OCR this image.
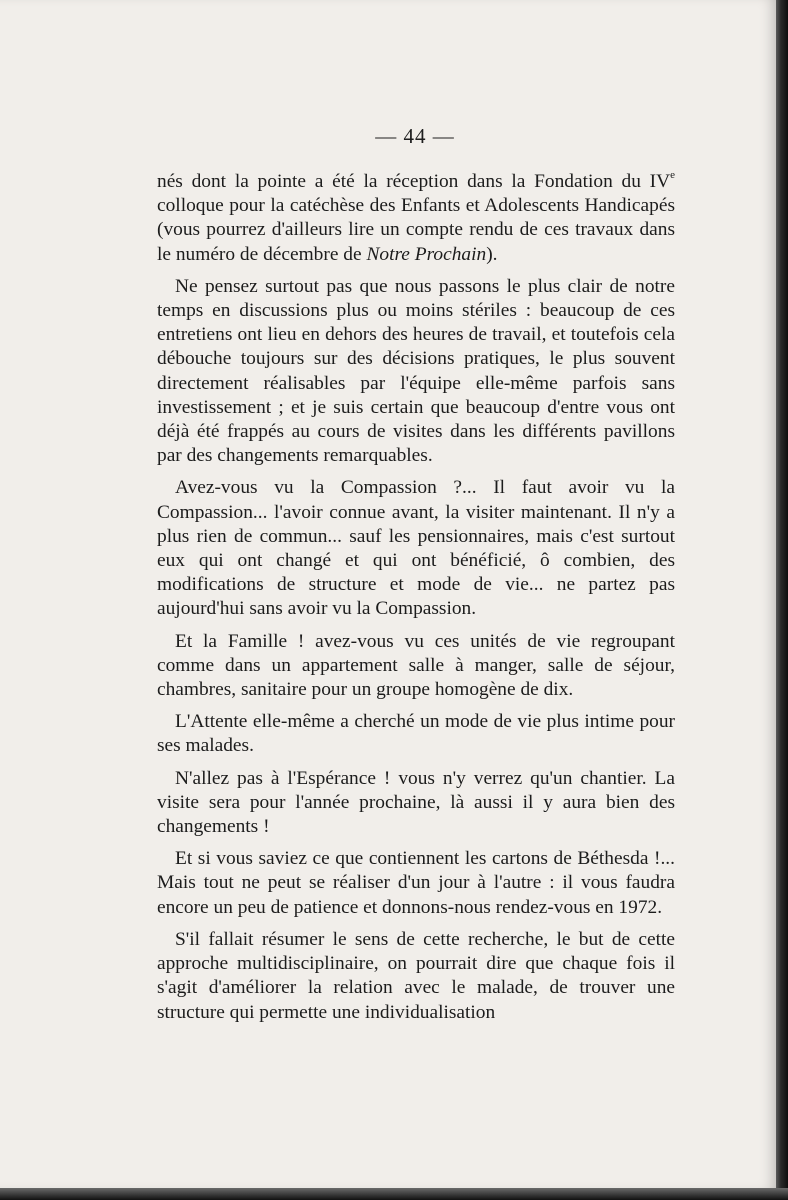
— 44 —

nés dont la pointe a été la réception dans la Fondation du IVe colloque pour la catéchèse des Enfants et Adolescents Handicapés (vous pourrez d'ailleurs lire un compte rendu de ces travaux dans le numéro de décembre de Notre Prochain).

Ne pensez surtout pas que nous passons le plus clair de notre temps en discussions plus ou moins stériles : beaucoup de ces entretiens ont lieu en dehors des heures de travail, et toutefois cela débouche toujours sur des décisions pratiques, le plus souvent directement réalisables par l'équipe elle-même parfois sans investissement ; et je suis certain que beaucoup d'entre vous ont déjà été frappés au cours de visites dans les différents pavillons par des changements remarquables.

Avez-vous vu la Compassion ?... Il faut avoir vu la Compassion... l'avoir connue avant, la visiter maintenant. Il n'y a plus rien de commun... sauf les pensionnaires, mais c'est surtout eux qui ont changé et qui ont bénéficié, ô combien, des modifications de structure et mode de vie... ne partez pas aujourd'hui sans avoir vu la Compassion.

Et la Famille ! avez-vous vu ces unités de vie regroupant comme dans un appartement salle à manger, salle de séjour, chambres, sanitaire pour un groupe homogène de dix.

L'Attente elle-même a cherché un mode de vie plus intime pour ses malades.

N'allez pas à l'Espérance ! vous n'y verrez qu'un chantier. La visite sera pour l'année prochaine, là aussi il y aura bien des changements !

Et si vous saviez ce que contiennent les cartons de Béthesda !... Mais tout ne peut se réaliser d'un jour à l'autre : il vous faudra encore un peu de patience et donnons-nous rendez-vous en 1972.

S'il fallait résumer le sens de cette recherche, le but de cette approche multidisciplinaire, on pourrait dire que chaque fois il s'agit d'améliorer la relation avec le malade, de trouver une structure qui permette une individualisation
